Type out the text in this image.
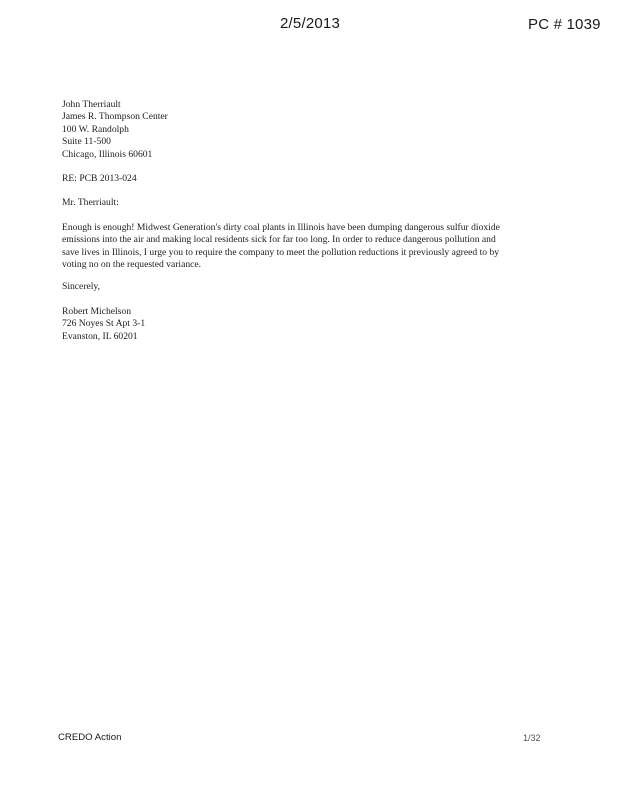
2/5/2013	PC # 1039
John Therriault
James R. Thompson Center
100 W. Randolph
Suite 11-500
Chicago, Illinois 60601
RE: PCB 2013-024
Mr. Therriault:
Enough is enough! Midwest Generation's dirty coal plants in Illinois have been dumping dangerous sulfur dioxide
emissions into the air and making local residents sick for far too long. In order to reduce dangerous pollution and
save lives in Illinois, I urge you to require the company to meet the pollution reductions it previously agreed to by
voting no on the requested variance.
Sincerely,
Robert Michelson
726 Noyes St Apt 3-1
Evanston, IL 60201
CREDO Action	1/32
